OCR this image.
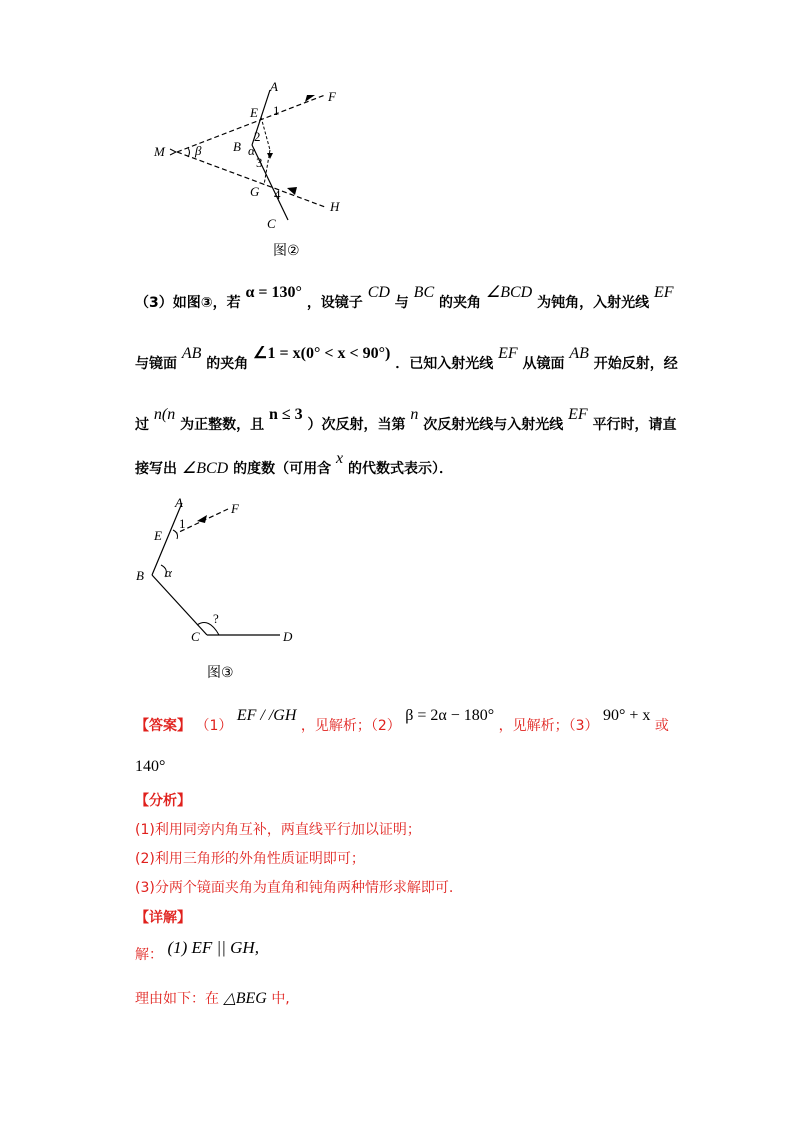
A
E
F
M β B α
G
H
C
1
2
3
4
图②
（3）如图③，若 α = 130° ，设镜子 CD 与 BC 的夹角 ∠BCD 为钝角，入射光线 EF
与镜面 AB 的夹角 ∠1 = x(0° < x < 90°) ．已知入射光线 EF 从镜面 AB 开始反射，经
过 n(n 为正整数，且 n ≤ 3 ）次反射，当第 n 次反射光线与入射光线 EF 平行时，请直
接写出 ∠BCD 的度数（可用含 x 的代数式表示）．
A	F
E
1
B α
C
?
D
图③
【答案】 （1） EF / /GH ，见解析；（2） β = 2α − 180° ，见解析；（3） 90° + x 或
140°
【分析】
(1)利用同旁内角互补，两直线平行加以证明；
(2)利用三角形的外角性质证明即可；
(3)分两个镜面夹角为直角和钝角两种情形求解即可.
【详解】
解： (1) EF || GH,
理由如下：在 △BEG 中,
